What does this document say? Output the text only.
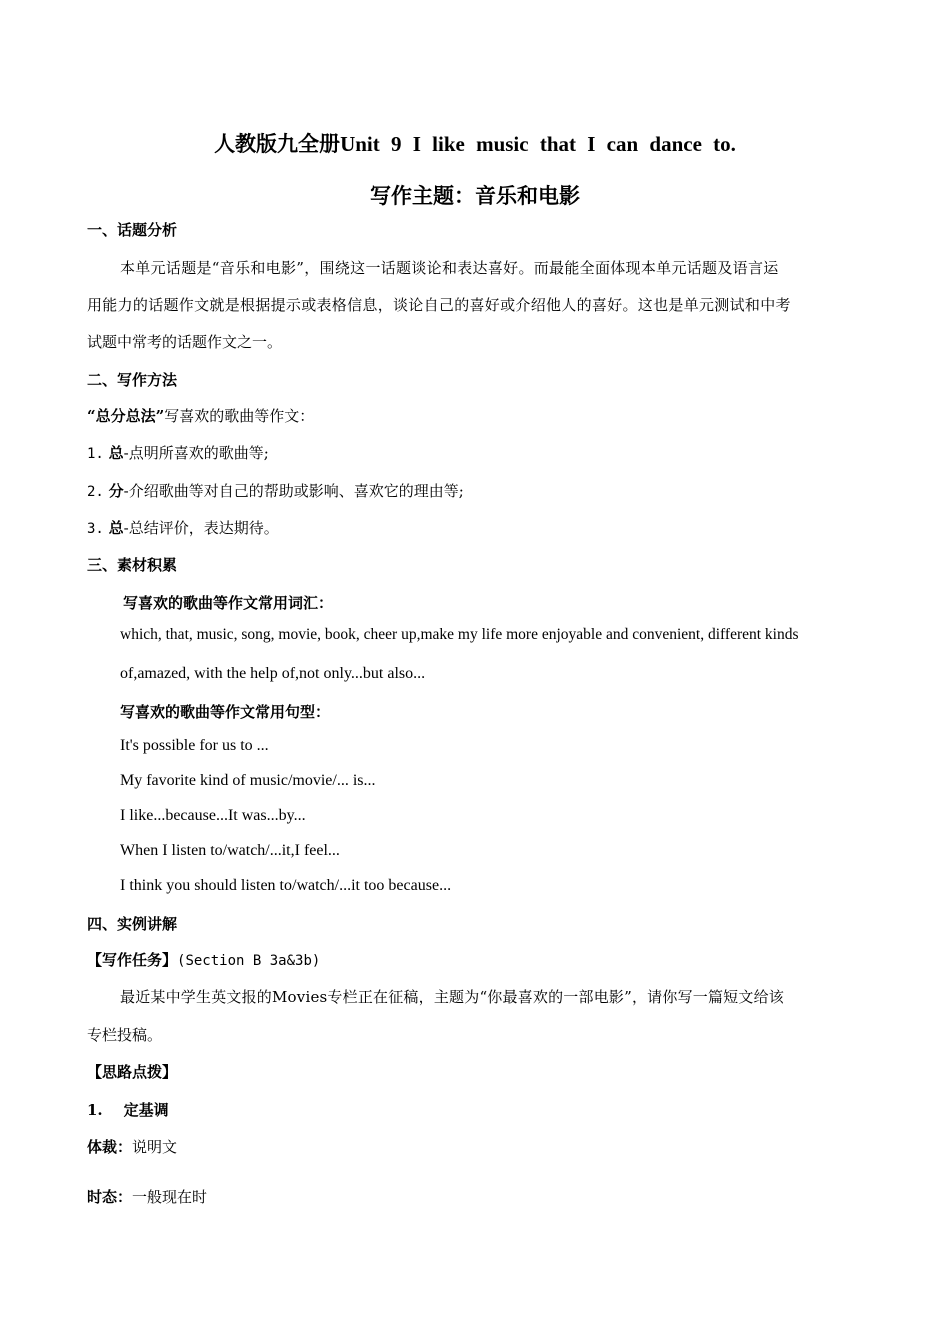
人教版九全册Unit 9 I like music that I can dance to.
写作主题：音乐和电影
一、话题分析
本单元话题是“音乐和电影”，围绕这一话题谈论和表达喜好。而最能全面体现本单元话题及语言运
用能力的话题作文就是根据提示或表格信息，谈论自己的喜好或介绍他人的喜好。这也是单元测试和中考
试题中常考的话题作文之一。
二、写作方法
“总分总法”写喜欢的歌曲等作文：
1. 总-点明所喜欢的歌曲等;
2. 分-介绍歌曲等对自己的帮助或影响、喜欢它的理由等;
3. 总-总结评价，表达期待。
三、素材积累
写喜欢的歌曲等作文常用词汇：
which, that, music, song, movie, book, cheer up,make my life more enjoyable and convenient, different kinds
of,amazed, with the help of,not only...but also...
写喜欢的歌曲等作文常用句型：
It's possible for us to ...
My favorite kind of music/movie/... is...
I like...because...It was...by...
When I listen to/watch/...it,I feel...
I think you should listen to/watch/...it too because...
四、实例讲解
【写作任务】(Section B 3a&3b)
最近某中学生英文报的Movies专栏正在征稿，主题为“你最喜欢的一部电影”，请你写一篇短文给该
专栏投稿。
【思路点拨】
1. 定基调
体裁：说明文
时态：一般现在时
